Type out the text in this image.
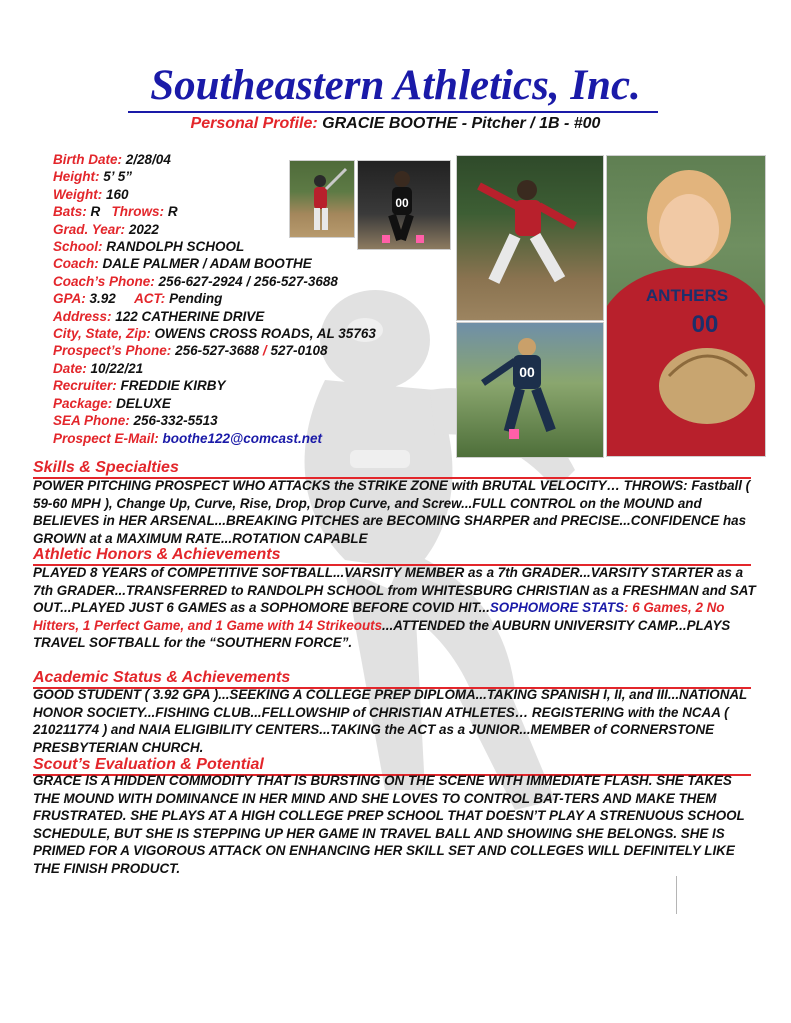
Southeastern Athletics, Inc.
Personal Profile: GRACIE BOOTHE - Pitcher / 1B - #00
Birth Date: 2/28/04
Height: 5’ 5”
Weight: 160
Bats: R Throws: R
Grad. Year: 2022
School: RANDOLPH SCHOOL
Coach: DALE PALMER / ADAM BOOTHE
Coach’s Phone: 256-627-2924 / 256-527-3688
GPA: 3.92 ACT: Pending
Address: 122 CATHERINE DRIVE
City, State, Zip: OWENS CROSS ROADS, AL 35763
Prospect’s Phone: 256-527-3688 / 527-0108
Date: 10/22/21
Recruiter: FREDDIE KIRBY
Package: DELUXE
SEA Phone: 256-332-5513
Prospect E-Mail: boothe122@comcast.net
00
ANTHERS
00
00
Skills & Specialties
POWER PITCHING PROSPECT WHO ATTACKS the STRIKE ZONE with BRUTAL VELOCITY… THROWS: Fastball ( 59-60 MPH ), Change Up, Curve, Rise, Drop, Drop Curve, and Screw...FULL CONTROL on the MOUND and BELIEVES in HER ARSENAL...BREAKING PITCHES are BECOMING SHARPER and PRECISE...CONFIDENCE has GROWN at a MAXIMUM RATE...ROTATION CAPABLE
Athletic Honors & Achievements
PLAYED 8 YEARS of COMPETITIVE SOFTBALL...VARSITY MEMBER as a 7th GRADER...VARSITY STARTER as a 7th GRADER...TRANSFERRED to RANDOLPH SCHOOL from WHITESBURG CHRISTIAN as a FRESHMAN and SAT OUT...PLAYED JUST 6 GAMES as a SOPHOMORE BEFORE COVID HIT...SOPHOMORE STATS: 6 Games, 2 No Hitters, 1 Perfect Game, and 1 Game with 14 Strikeouts...ATTENDED the AUBURN UNIVERSITY CAMP...PLAYS TRAVEL SOFTBALL for the “SOUTHERN FORCE”.
Academic Status & Achievements
GOOD STUDENT ( 3.92 GPA )...SEEKING A COLLEGE PREP DIPLOMA...TAKING SPANISH I, II, and III...NATIONAL HONOR SOCIETY...FISHING CLUB...FELLOWSHIP of CHRISTIAN ATHLETES… REGISTERING with the NCAA ( 210211774 ) and NAIA ELIGIBILITY CENTERS...TAKING the ACT as a JUNIOR...MEMBER of CORNERSTONE PRESBYTERIAN CHURCH.
Scout’s Evaluation & Potential
GRACE IS A HIDDEN COMMODITY THAT IS BURSTING ON THE SCENE WITH IMMEDIATE FLASH. SHE TAKES THE MOUND WITH DOMINANCE IN HER MIND AND SHE LOVES TO CONTROL BAT-TERS AND MAKE THEM FRUSTRATED. SHE PLAYS AT A HIGH COLLEGE PREP SCHOOL THAT DOESN’T PLAY A STRENUOUS SCHOOL SCHEDULE, BUT SHE IS STEPPING UP HER GAME IN TRAVEL BALL AND SHOWING SHE BELONGS. SHE IS PRIMED FOR A VIGOROUS ATTACK ON ENHANCING HER SKILL SET AND COLLEGES WILL DEFINITELY LIKE THE FINISH PRODUCT.
